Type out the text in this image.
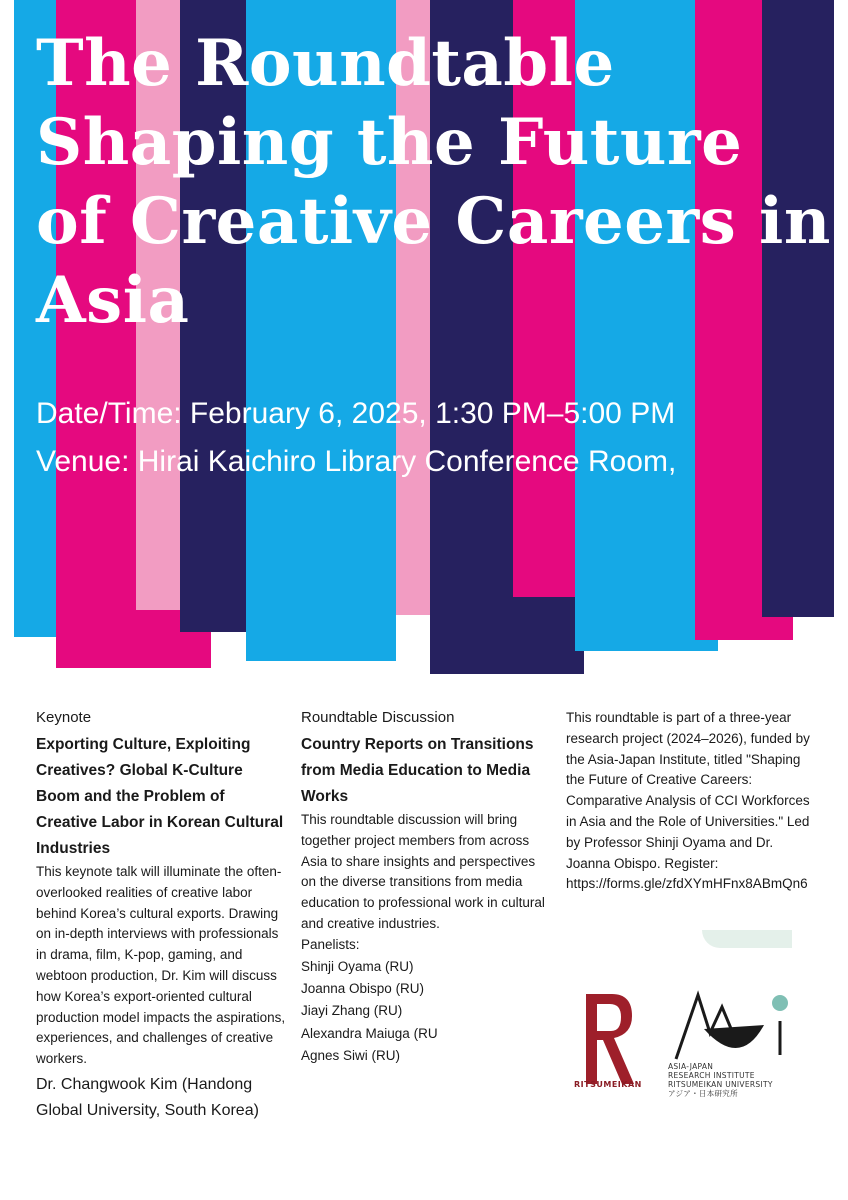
The Roundtable Shaping the Future of Creative Careers in Asia

Date/Time: February 6, 2025, 1:30 PM–5:00 PM

Venue: Hirai Kaichiro Library Conference Room,

Keynote

Exporting Culture, Exploiting Creatives? Global K-Culture Boom and the Problem of Creative Labor in Korean Cultural Industries

This keynote talk will illuminate the often-overlooked realities of creative labor behind Korea’s cultural exports. Drawing on in-depth interviews with professionals in drama, film, K-pop, gaming, and webtoon production, Dr. Kim will discuss how Korea’s export-oriented cultural production model impacts the aspirations, experiences, and challenges of creative workers.

Dr. Changwook Kim (Handong Global University, South Korea)

Roundtable Discussion

Country Reports on Transitions from Media Education to Media Works

This roundtable discussion will bring together project members from across Asia to share insights and perspectives on the diverse transitions from media education to professional work in cultural and creative industries.

Panelists:

Shinji Oyama (RU)
Joanna Obispo (RU)
Jiayi Zhang (RU)
Alexandra Maiuga (RU
Agnes Siwi (RU)

This roundtable is part of a three-year research project (2024–2026), funded by the Asia-Japan Institute, titled "Shaping the Future of Creative Careers: Comparative Analysis of CCI Workforces in Asia and the Role of Universities." Led by Professor Shinji Oyama and Dr. Joanna Obispo. Register: https://forms.gle/zfdXYmHFnx8ABmQn6

RITSUMEIKAN
ASIA-JAPAN
RESEARCH INSTITUTE
RITSUMEIKAN UNIVERSITY
アジア・日本研究所
